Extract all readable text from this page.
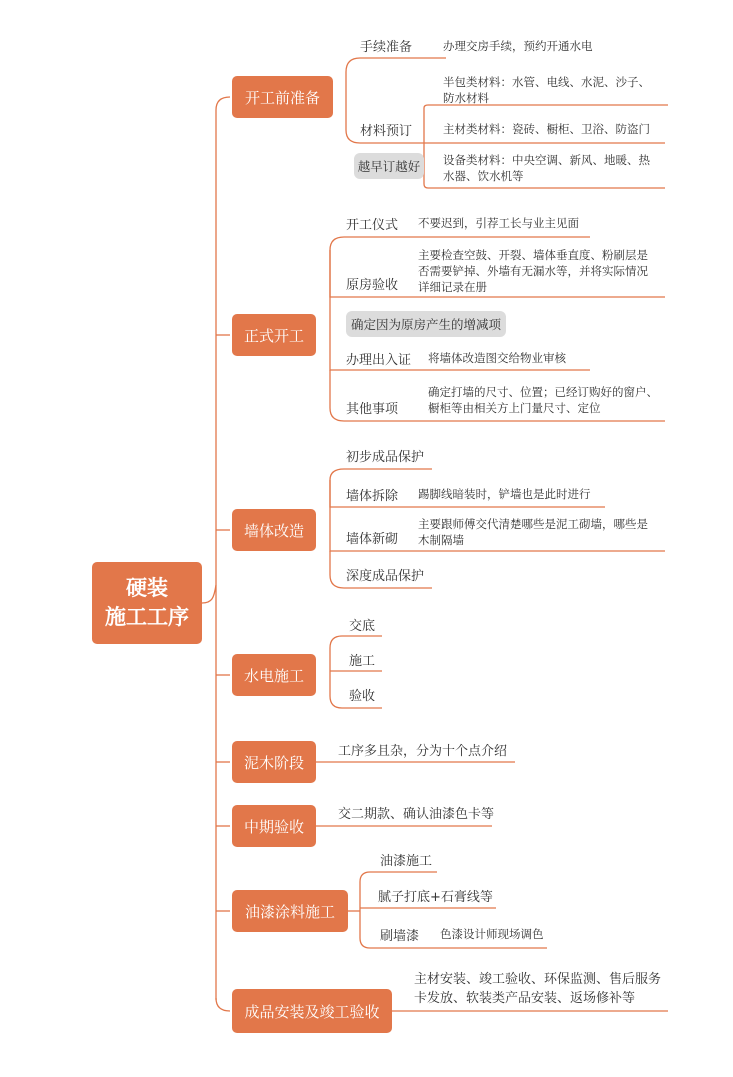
硬装
施工工序
开工前准备
手续准备	办理交房手续，预约开通水电
材料预订
越早订越好
半包类材料：水管、电线、水泥、沙子、防水材料
主材类材料：瓷砖、橱柜、卫浴、防盗门
设备类材料：中央空调、新风、地暖、热水器、饮水机等
正式开工
开工仪式 不要迟到，引荐工长与业主见面
原房验收
主要检查空鼓、开裂、墙体垂直度、粉刷层是否需要铲掉、外墙有无漏水等，并将实际情况详细记录在册
确定因为原房产生的增减项
办理出入证 将墙体改造图交给物业审核
其他事项
确定打墙的尺寸、位置；已经订购好的窗户、橱柜等由相关方上门量尺寸、定位
墙体改造
初步成品保护
墙体拆除 踢脚线暗装时，铲墙也是此时进行
墙体新砌
主要跟师傅交代清楚哪些是泥工砌墙，哪些是木制隔墙
深度成品保护
水电施工
交底
施工
验收
泥木阶段
工序多且杂，分为十个点介绍
中期验收
交二期款、确认油漆色卡等
油漆涂料施工
油漆施工
腻子打底+石膏线等
刷墙漆 色漆设计师现场调色
成品安装及竣工验收
主材安装、竣工验收、环保监测、售后服务卡发放、软装类产品安装、返场修补等
